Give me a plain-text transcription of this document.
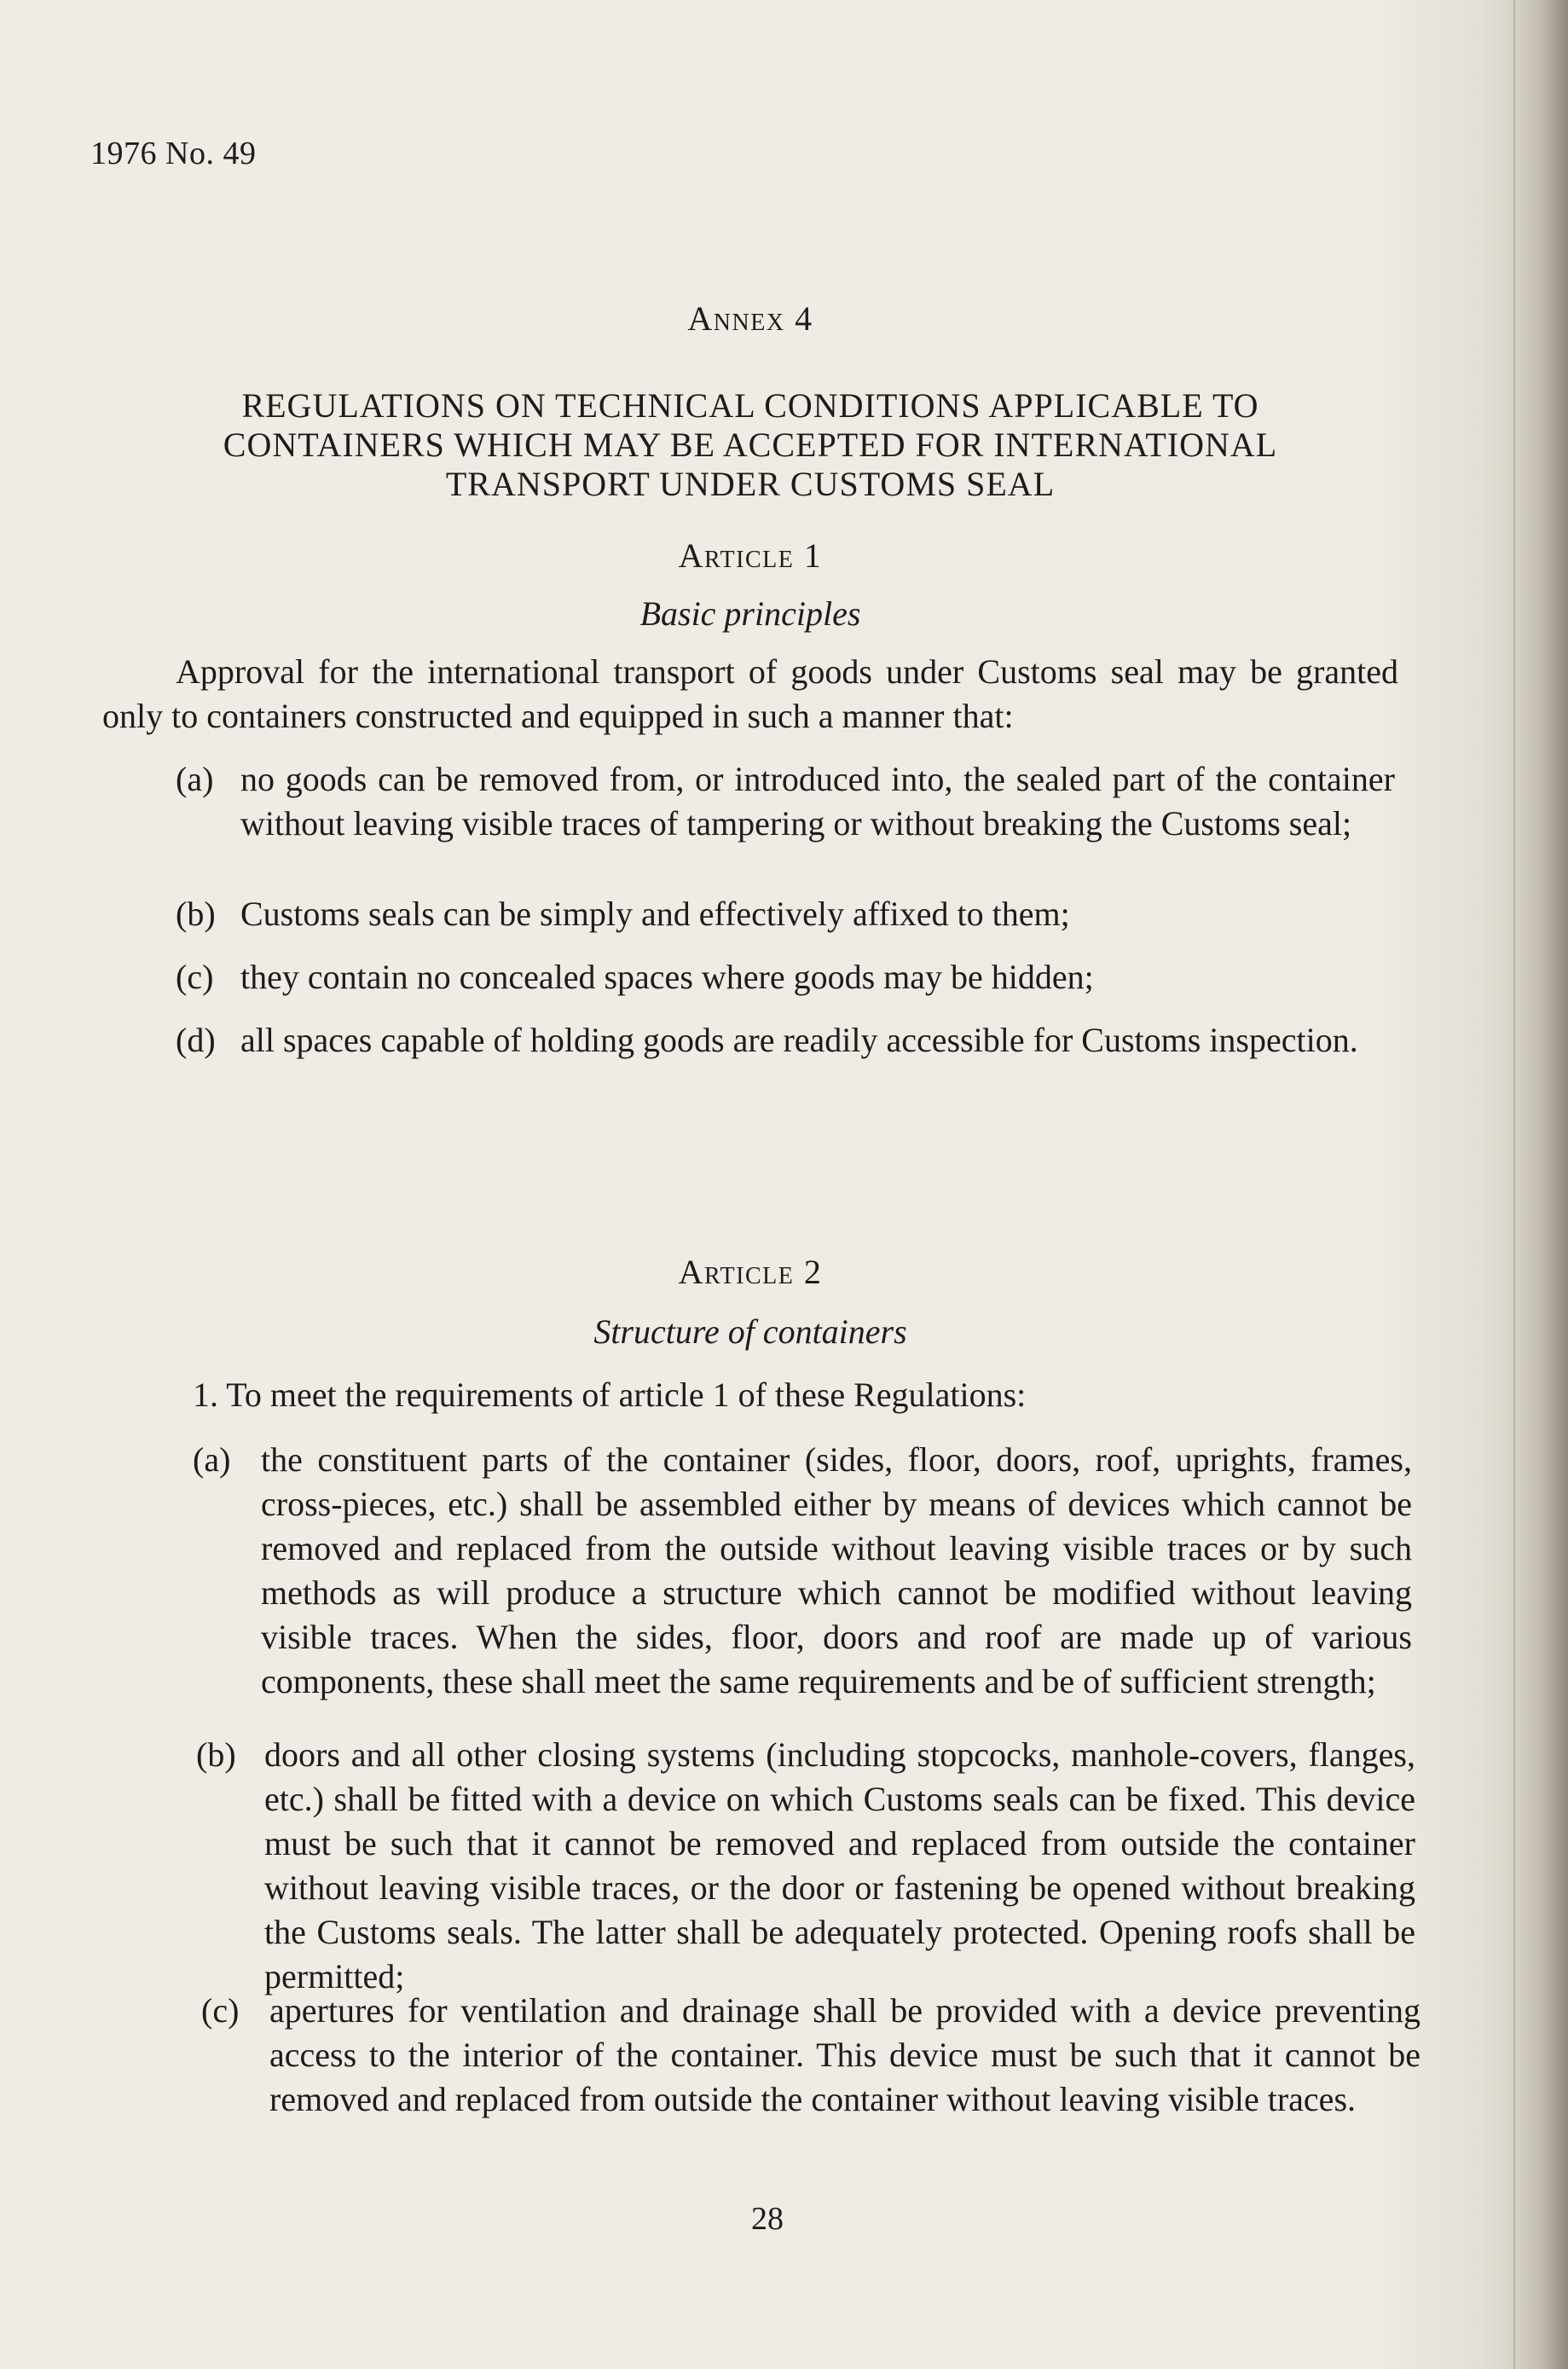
1976 No. 49
Annex 4
REGULATIONS ON TECHNICAL CONDITIONS APPLICABLE TO
CONTAINERS WHICH MAY BE ACCEPTED FOR INTERNATIONAL
TRANSPORT UNDER CUSTOMS SEAL
Article 1
Basic principles
Approval for the international transport of goods under Customs seal may be granted only to containers constructed and equipped in such a manner that:
(a) no goods can be removed from, or introduced into, the sealed part of the container without leaving visible traces of tampering or without breaking the Customs seal;
(b) Customs seals can be simply and effectively affixed to them;
(c) they contain no concealed spaces where goods may be hidden;
(d) all spaces capable of holding goods are readily accessible for Customs inspection.
Article 2
Structure of containers
1. To meet the requirements of article 1 of these Regulations:
(a) the constituent parts of the container (sides, floor, doors, roof, uprights, frames, cross-pieces, etc.) shall be assembled either by means of devices which cannot be removed and replaced from the outside without leaving visible traces or by such methods as will produce a structure which cannot be modified without leaving visible traces. When the sides, floor, doors and roof are made up of various components, these shall meet the same requirements and be of sufficient strength;
(b) doors and all other closing systems (including stopcocks, manhole-covers, flanges, etc.) shall be fitted with a device on which Customs seals can be fixed. This device must be such that it cannot be removed and replaced from outside the container without leaving visible traces, or the door or fastening be opened without breaking the Customs seals. The latter shall be adequately protected. Opening roofs shall be permitted;
(c) apertures for ventilation and drainage shall be provided with a device preventing access to the interior of the container. This device must be such that it cannot be removed and replaced from outside the container without leaving visible traces.
28
